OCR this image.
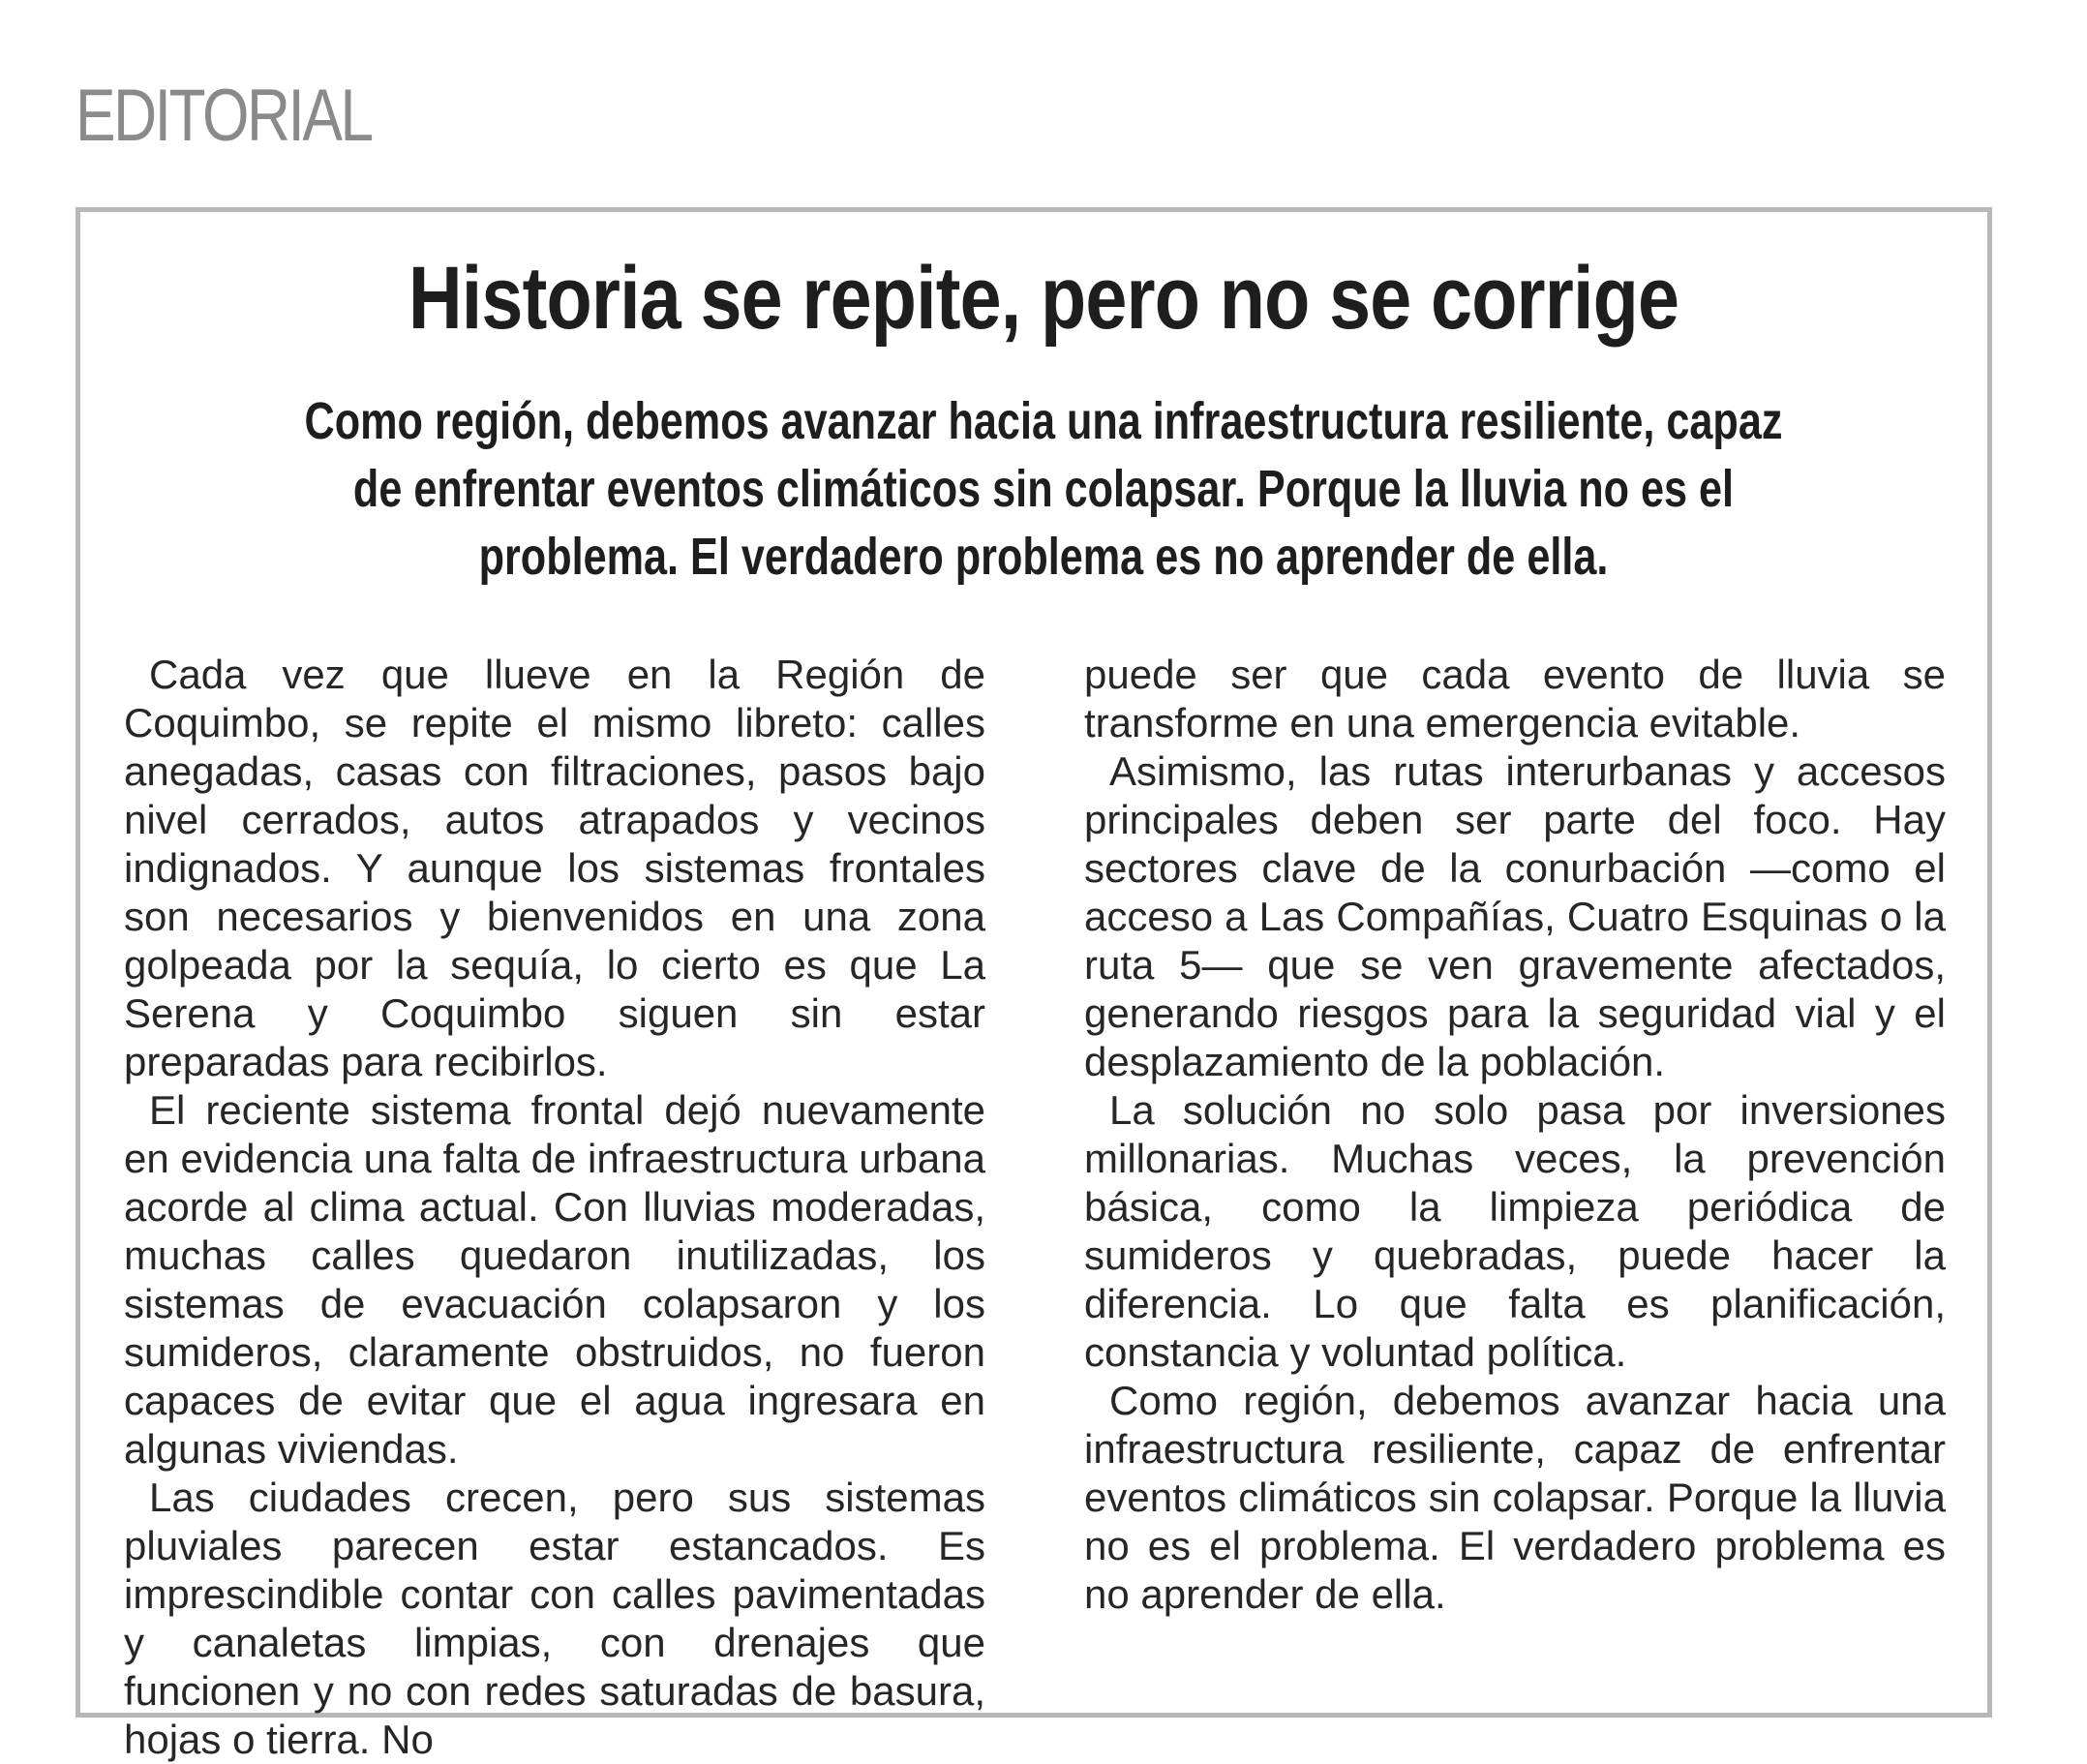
EDITORIAL
Historia se repite, pero no se corrige

Como región, debemos avanzar hacia una infraestructura resiliente, capaz de enfrentar eventos climáticos sin colapsar. Porque la lluvia no es el problema. El verdadero problema es no aprender de ella.

Cada vez que llueve en la Región de Coquimbo, se repite el mismo libreto: calles anegadas, casas con filtraciones, pasos bajo nivel cerrados, autos atrapados y vecinos indignados. Y aunque los sistemas frontales son necesarios y bienvenidos en una zona golpeada por la sequía, lo cierto es que La Serena y Coquimbo siguen sin estar preparadas para recibirlos.

El reciente sistema frontal dejó nuevamente en evidencia una falta de infraestructura urbana acorde al clima actual. Con lluvias moderadas, muchas calles quedaron inutilizadas, los sistemas de evacuación colapsaron y los sumideros, claramente obstruidos, no fueron capaces de evitar que el agua ingresara en algunas viviendas.

Las ciudades crecen, pero sus sistemas pluviales parecen estar estancados. Es imprescindible contar con calles pavimentadas y canaletas limpias, con drenajes que funcionen y no con redes saturadas de basura, hojas o tierra. No

puede ser que cada evento de lluvia se transforme en una emergencia evitable.

Asimismo, las rutas interurbanas y accesos principales deben ser parte del foco. Hay sectores clave de la conurbación —como el acceso a Las Compañías, Cuatro Esquinas o la ruta 5— que se ven gravemente afectados, generando riesgos para la seguridad vial y el desplazamiento de la población.

La solución no solo pasa por inversiones millonarias. Muchas veces, la prevención básica, como la limpieza periódica de sumideros y quebradas, puede hacer la diferencia. Lo que falta es planificación, constancia y voluntad política.

Como región, debemos avanzar hacia una infraestructura resiliente, capaz de enfrentar eventos climáticos sin colapsar. Porque la lluvia no es el problema. El verdadero problema es no aprender de ella.
